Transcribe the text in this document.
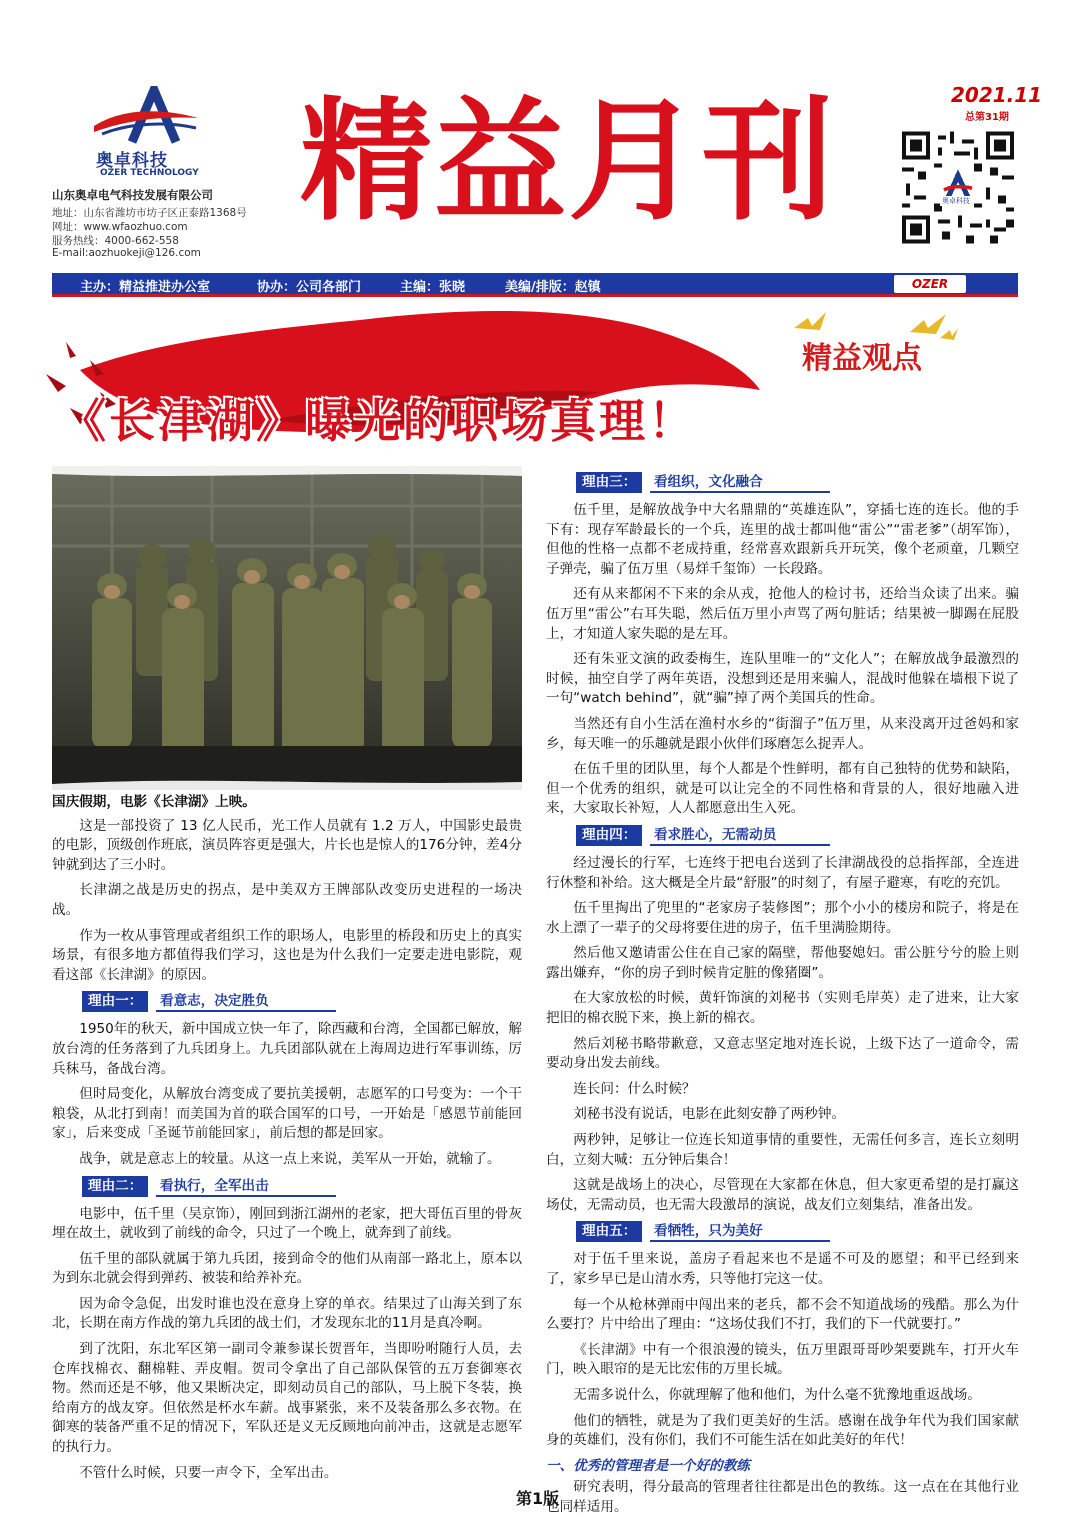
奥卓科技
OZER TECHNOLOGY
山东奥卓电气科技发展有限公司
地址：山东省潍坊市坊子区正泰路1368号
网址：www.wfaozhuo.com
服务热线：4000-662-558
E-mail:aozhuokeji@126.com
精益月刊	2021.11
总第31期
奥卓科技
主办：精益推进办公室	协办：公司各部门	主编：张晓	美编/排版：赵镇	OZER
精益观点
《长津湖》曝光的职场真理！
国庆假期，电影《长津湖》上映。

这是一部投资了 13 亿人民币，光工作人员就有 1.2 万人，中国影史最贵的电影，顶级创作班底，演员阵容更是强大，片长也是惊人的176分钟，差4分钟就到达了三小时。

长津湖之战是历史的拐点，是中美双方王牌部队改变历史进程的一场决战。

作为一枚从事管理或者组织工作的职场人，电影里的桥段和历史上的真实场景，有很多地方都值得我们学习，这也是为什么我们一定要走进电影院，观看这部《长津湖》的原因。

理由一：	看意志，决定胜负

1950年的秋天，新中国成立快一年了，除西藏和台湾，全国都已解放，解放台湾的任务落到了九兵团身上。九兵团部队就在上海周边进行军事训练，厉兵秣马，备战台湾。

但时局变化，从解放台湾变成了要抗美援朝，志愿军的口号变为：一个干粮袋，从北打到南！而美国为首的联合国军的口号，一开始是「感恩节前能回家」，后来变成「圣诞节前能回家」，前后想的都是回家。

战争，就是意志上的较量。从这一点上来说，美军从一开始，就输了。

理由二：	看执行，全军出击

电影中，伍千里（吴京饰），刚回到浙江湖州的老家，把大哥伍百里的骨灰埋在故土，就收到了前线的命令，只过了一个晚上，就奔到了前线。

伍千里的部队就属于第九兵团，接到命令的他们从南部一路北上，原本以为到东北就会得到弹药、被装和给养补充。

因为命令急促，出发时谁也没在意身上穿的单衣。结果过了山海关到了东北，长期在南方作战的第九兵团的战士们，才发现东北的11月是真冷啊。

到了沈阳，东北军区第一副司令兼参谋长贺晋年，当即吩咐随行人员，去仓库找棉衣、翻棉鞋、弄皮帽。贺司令拿出了自己部队保管的五万套御寒衣物。然而还是不够，他又果断决定，即刻动员自己的部队，马上脱下冬装，换给南方的战友穿。但依然是杯水车薪。战事紧张，来不及装备那么多衣物。在御寒的装备严重不足的情况下，军队还是义无反顾地向前冲击，这就是志愿军的执行力。

不管什么时候，只要一声令下，全军出击。

理由三：	看组织，文化融合

伍千里，是解放战争中大名鼎鼎的“英雄连队”，穿插七连的连长。他的手下有：现存军龄最长的一个兵，连里的战士都叫他“雷公”“雷老爹”（胡军饰），但他的性格一点都不老成持重，经常喜欢跟新兵开玩笑，像个老顽童，几颗空子弹壳，骗了伍万里（易烊千玺饰）一长段路。

还有从来都闲不下来的余从戎，抢他人的检讨书，还给当众读了出来。骗伍万里“雷公”右耳失聪，然后伍万里小声骂了两句脏话；结果被一脚踢在屁股上，才知道人家失聪的是左耳。

还有朱亚文演的政委梅生，连队里唯一的“文化人”；在解放战争最激烈的时候，抽空自学了两年英语，没想到还是用来骗人，混战时他躲在墙根下说了一句“watch behind”，就“骗”掉了两个美国兵的性命。

当然还有自小生活在渔村水乡的“街溜子”伍万里，从来没离开过爸妈和家乡，每天唯一的乐趣就是跟小伙伴们琢磨怎么捉弄人。

在伍千里的团队里，每个人都是个性鲜明，都有自己独特的优势和缺陷，但一个优秀的组织，就是可以让完全的不同性格和背景的人，很好地融入进来，大家取长补短，人人都愿意出生入死。

理由四：	看求胜心，无需动员

经过漫长的行军，七连终于把电台送到了长津湖战役的总指挥部，全连进行休整和补给。这大概是全片最“舒服”的时刻了，有屋子避寒，有吃的充饥。

伍千里掏出了兜里的“老家房子装修图”；那个小小的楼房和院子，将是在水上漂了一辈子的父母将要住进的房子，伍千里满脸期待。

然后他又邀请雷公住在自己家的隔壁，帮他娶媳妇。雷公脏兮兮的脸上则露出嫌弃，“你的房子到时候肯定脏的像猪圈”。

在大家放松的时候，黄轩饰演的刘秘书（实则毛岸英）走了进来，让大家把旧的棉衣脱下来，换上新的棉衣。

然后刘秘书略带歉意，又意志坚定地对连长说，上级下达了一道命令，需要动身出发去前线。

连长问：什么时候？

刘秘书没有说话，电影在此刻安静了两秒钟。

两秒钟，足够让一位连长知道事情的重要性，无需任何多言，连长立刻明白，立刻大喊：五分钟后集合！

这就是战场上的决心，尽管现在大家都在休息，但大家更希望的是打赢这场仗，无需动员，也无需大段激昂的演说，战友们立刻集结，准备出发。

理由五：	看牺牲，只为美好

对于伍千里来说，盖房子看起来也不是遥不可及的愿望；和平已经到来了，家乡早已是山清水秀，只等他打完这一仗。

每一个从枪林弹雨中闯出来的老兵，都不会不知道战场的残酷。那么为什么要打？片中给出了理由：“这场仗我们不打，我们的下一代就要打。”

《长津湖》中有一个很浪漫的镜头，伍万里跟哥哥吵架要跳车，打开火车门，映入眼帘的是无比宏伟的万里长城。

无需多说什么，你就理解了他和他们，为什么毫不犹豫地重返战场。

他们的牺牲，就是为了我们更美好的生活。感谢在战争年代为我们国家献身的英雄们，没有你们，我们不可能生活在如此美好的年代！

一、优秀的管理者是一个好的教练

研究表明，得分最高的管理者往往都是出色的教练。这一点在在其他行业也同样适用。

第1版
